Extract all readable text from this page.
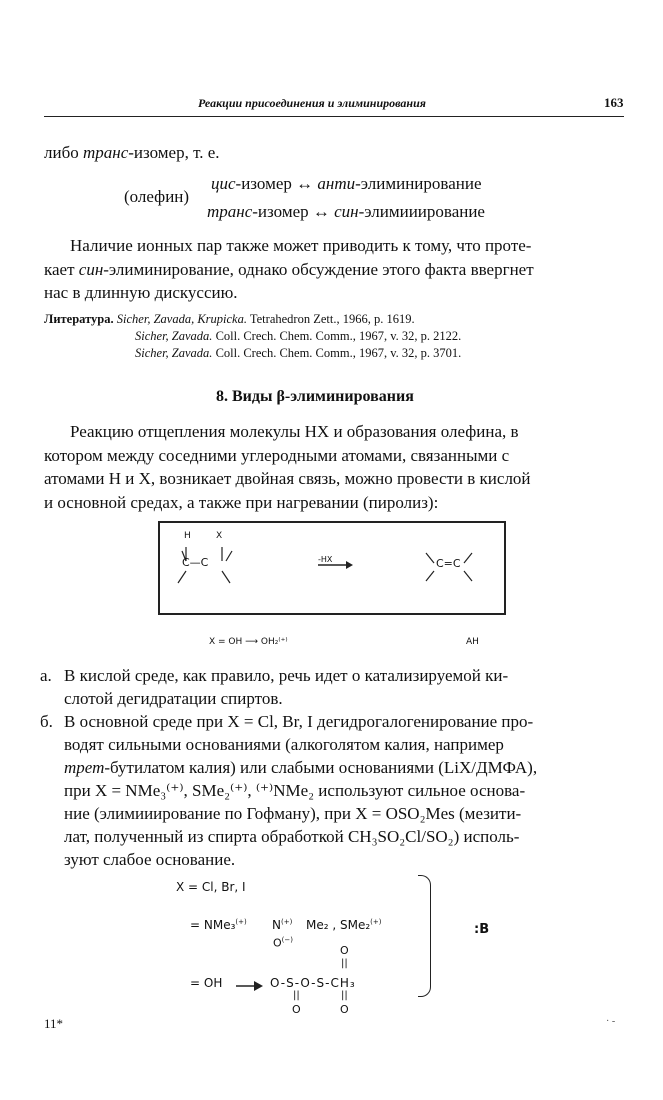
Реакции присоединения и элиминирования	163
либо транс-изомер, т. е.
(олефин)
цис-изомер ↔ анти-элиминирование
транс-изомер ↔ син-элимииирование
Наличие ионных пар также может приводить к тому, что проте-
кает син-элиминирование, однако обсуждение этого факта ввергнет
нас в длинную дискуссию.
Литература. Sicher, Zavada, Krupicka. Tetrahedron Zett., 1966, p. 1619.
Sicher, Zavada. Coll. Crech. Chem. Comm., 1967, v. 32, p. 2122.
Sicher, Zavada. Coll. Crech. Chem. Comm., 1967, v. 32, p. 3701.
8. Виды β-элиминирования
Реакцию отщепления молекулы HX и образования олефина, в
котором между соседними углеродными атомами, связанными с
атомами H и X, возникает двойная связь, можно провести в кислой
и основной средах, а также при нагревании (пиролиз):
H	X
C—C	-HX	C=C
X = OH ⟶ OH₂⁽⁺⁾	AH
а. В кислой среде, как правило, речь идет о катализируемой ки-
слотой дегидратации спиртов.
б. В основной среде при X = Cl, Br, I дегидрогалогенирование про-
водят сильными основаниями (алкоголятом калия, например
трет-бутилатом калия) или слабыми основаниями (LiX/ДМФА),
при X = NMe₃⁽⁺⁾, SMe₂⁽⁺⁾, ⁽⁺⁾NMe₂ используют сильное основа-
ние (элимииирование по Гофману), при X = OSO₂Mes (мезити-
лат, полученный из спирта обработкой CH₃SO₂Cl/SO₂) исполь-
зуют слабое основание.
X = Cl, Br, I
= NMe₃(+) N(+) Me₂ , SMe₂(+)
O(−)
O
||
= OH	O-S-O-S-CH₃
||	||
O	O
:B
11*	· -
